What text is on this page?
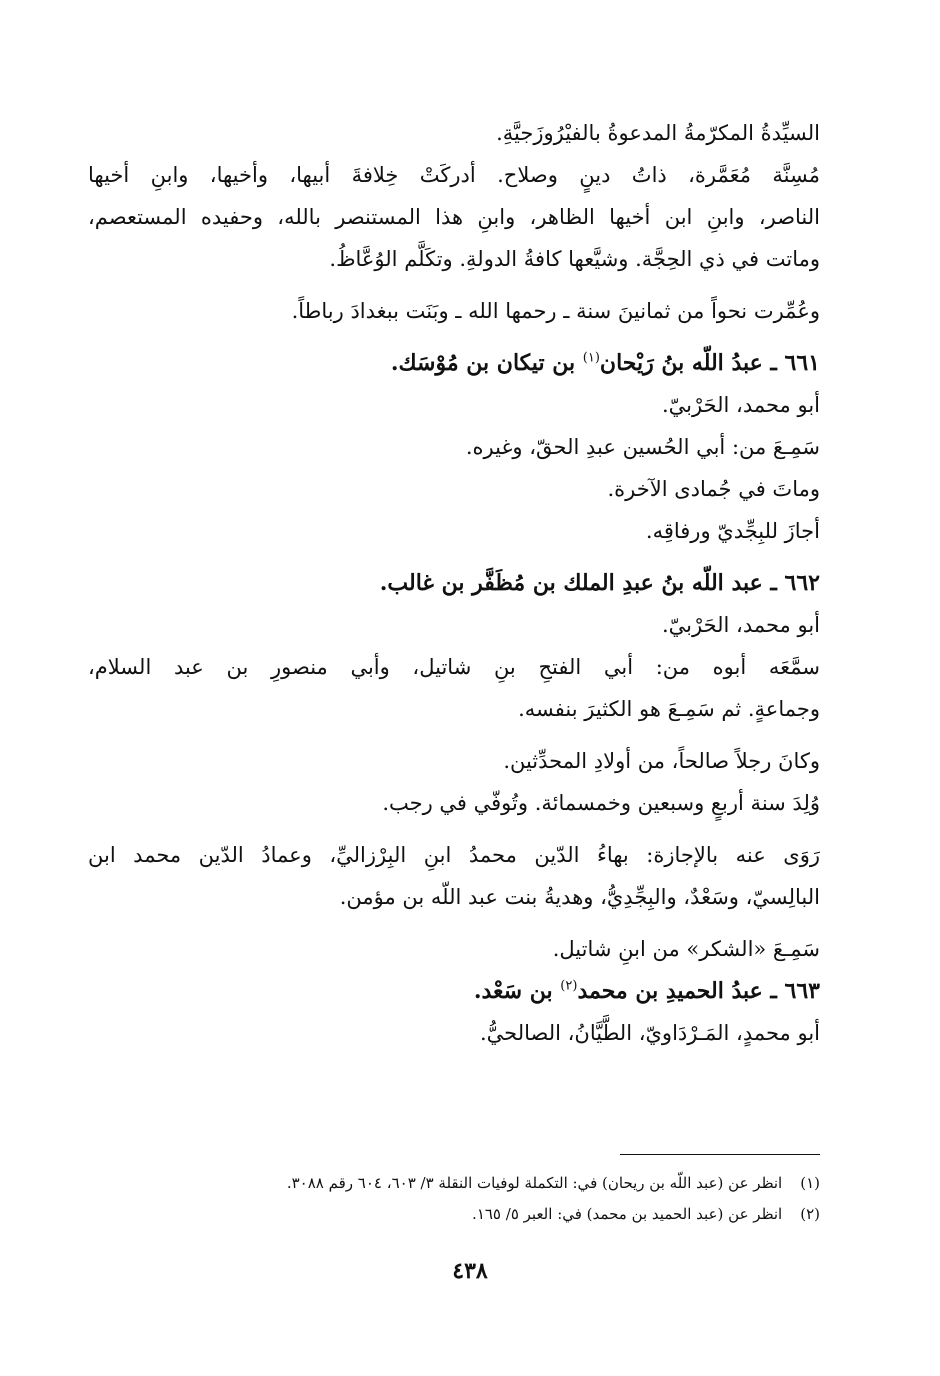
السيِّدةُ المكرّمةُ المدعوةُ بالفيْرُوزَجيَّةِ.
مُسِنَّة مُعَمَّرة، ذاتُ دينٍ وصلاح. أدركَتْ خِلافةَ أبيها، وأخيها، وابنِ أخيها
الناصر، وابنِ ابن أخيها الظاهر، وابنِ هذا المستنصر بالله، وحفيده المستعصم،
وماتت في ذي الحِجَّة. وشيَّعها كافةُ الدولةِ. وتكَلَّم الوُعَّاظُ.
وعُمِّرت نحواً من ثمانينَ سنة ـ رحمها الله ـ وبَنَت ببغدادَ رباطاً.
٦٦١ ـ عبدُ اللّه بنُ رَيْحان$^{(١)}$ بن تيكان بن مُوْسَك.
أبو محمد، الحَرْبيّ.
سَمِـعَ من: أبي الحُسين عبدِ الحقّ، وغيره.
وماتَ في جُمادى الآخرة.
أجازَ للبِجِّديّ ورفاقِه.
٦٦٢ ـ عبد اللّه بنُ عبدِ الملك بن مُظَفَّر بن غالب.
أبو محمد، الحَرْبيّ.
سمَّعَه أبوه من: أبي الفتحِ بنِ شاتيل، وأبي منصورِ بن عبد السلام،
وجماعةٍ. ثم سَمِـعَ هو الكثيرَ بنفسه.
وكانَ رجلاً صالحاً، من أولادِ المحدِّثين.
وُلِدَ سنة أربعٍ وسبعين وخمسمائة. وتُوفّي في رجب.
رَوَى عنه بالإجازة: بهاءُ الدّين محمدُ ابنِ البِرْزاليِّ، وعمادُ الدّين محمد ابن
البالِسيّ، وسَعْدٌ، والبِجِّدِيُّ، وهديةُ بنت عبد اللّه بن مؤمن.
سَمِـعَ «الشكر» من ابنِ شاتيل.
٦٦٣ ـ عبدُ الحميدِ بن محمد$^{(٢)}$ بن سَعْد.
أبو محمدٍ، المَـرْدَاويّ، الطَّيَّانُ، الصالحيُّ.
(١)انظر عن (عبد اللّه بن ريحان) في: التكملة لوفيات النقلة ٣/ ٦٠٣، ٦٠٤ رقم ٣٠٨٨.
(٢)انظر عن (عبد الحميد بن محمد) في: العبر ٥/ ١٦٥.
٤٣٨
